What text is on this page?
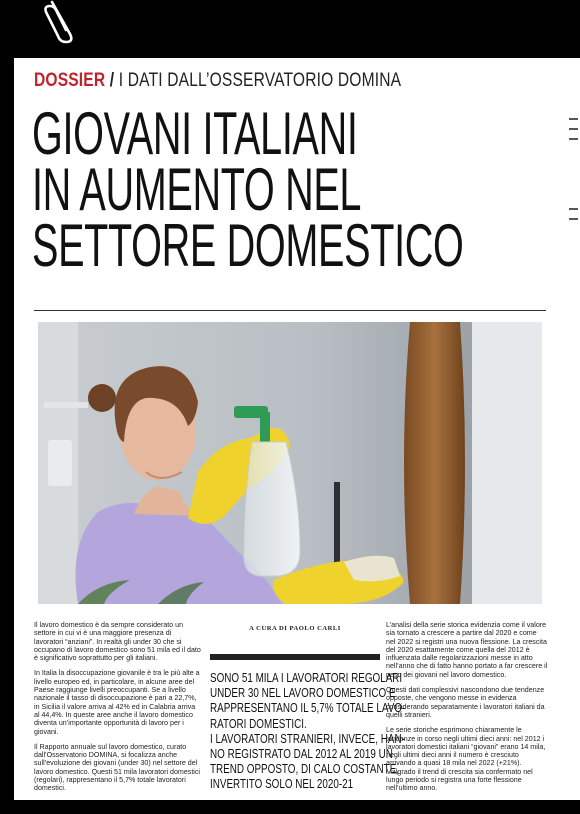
DOSSIER / I DATI DALL’OSSERVATORIO DOMINA
GIOVANI ITALIANI
IN AUMENTO NEL
SETTORE DOMESTICO

Il lavoro domestico è da sempre considerato un settore in cui vi è una maggiore presenza di lavoratori “anziani”. In realtà gli under 30 che si occupano di lavoro domestico sono 51 mila ed il dato è significativo soprattutto per gli italiani.

In Italia la disoccupazione giovanile è tra le più alte a livello europeo ed, in particolare, in alcune aree del Paese raggiunge livelli preoccupanti. Se a livello nazionale il tasso di disoccupazione è pari a 22,7%, in Sicilia il valore arriva al 42% ed in Calabria arriva al 44,4%. In queste aree anche il lavoro domestico diventa un’importante opportunità di lavoro per i giovani.

Il Rapporto annuale sul lavoro domestico, curato dall’Osservatorio DOMINA, si focalizza anche sull’evoluzione dei giovani (under 30) nel settore del lavoro domestico. Questi 51 mila lavoratori domestici (regolari), rappresentano il 5,7% totale lavoratori domestici.

A CURA DI PAOLO CARLI
SONO 51 MILA I LAVORATORI REGOLARI
UNDER 30 NEL LAVORO DOMESTICO E
RAPPRESENTANO IL 5,7% TOTALE LAVO-
RATORI DOMESTICI.
I LAVORATORI STRANIERI, INVECE, HAN-
NO REGISTRATO DAL 2012 AL 2019 UN
TREND OPPOSTO, DI CALO COSTANTE,
INVERTITO SOLO NEL 2020-21

L’analisi della serie storica evidenzia come il valore sia tornato a crescere a partire dal 2020 e come nel 2022 si registri una nuova flessione. La crescita del 2020 esattamente come quella del 2012 è influenzata dalle regolarizzazioni messe in atto nell’anno che di fatto hanno portato a far crescere il peso dei giovani nel lavoro domestico.

Questi dati complessivi nascondono due tendenze opposte, che vengono messe in evidenza considerando separatamente i lavoratori italiani da quelli stranieri.

Le serie storiche esprimono chiaramente le tendenze in corso negli ultimi dieci anni: nel 2012 i lavoratori domestici italiani “giovani” erano 14 mila, negli ultimi dieci anni il numero è cresciuto arrivando a quasi 18 mila nel 2022 (+21%). Malgrado il trend di crescita sia confermato nel lungo periodo si registra una forte flessione nell’ultimo anno.
